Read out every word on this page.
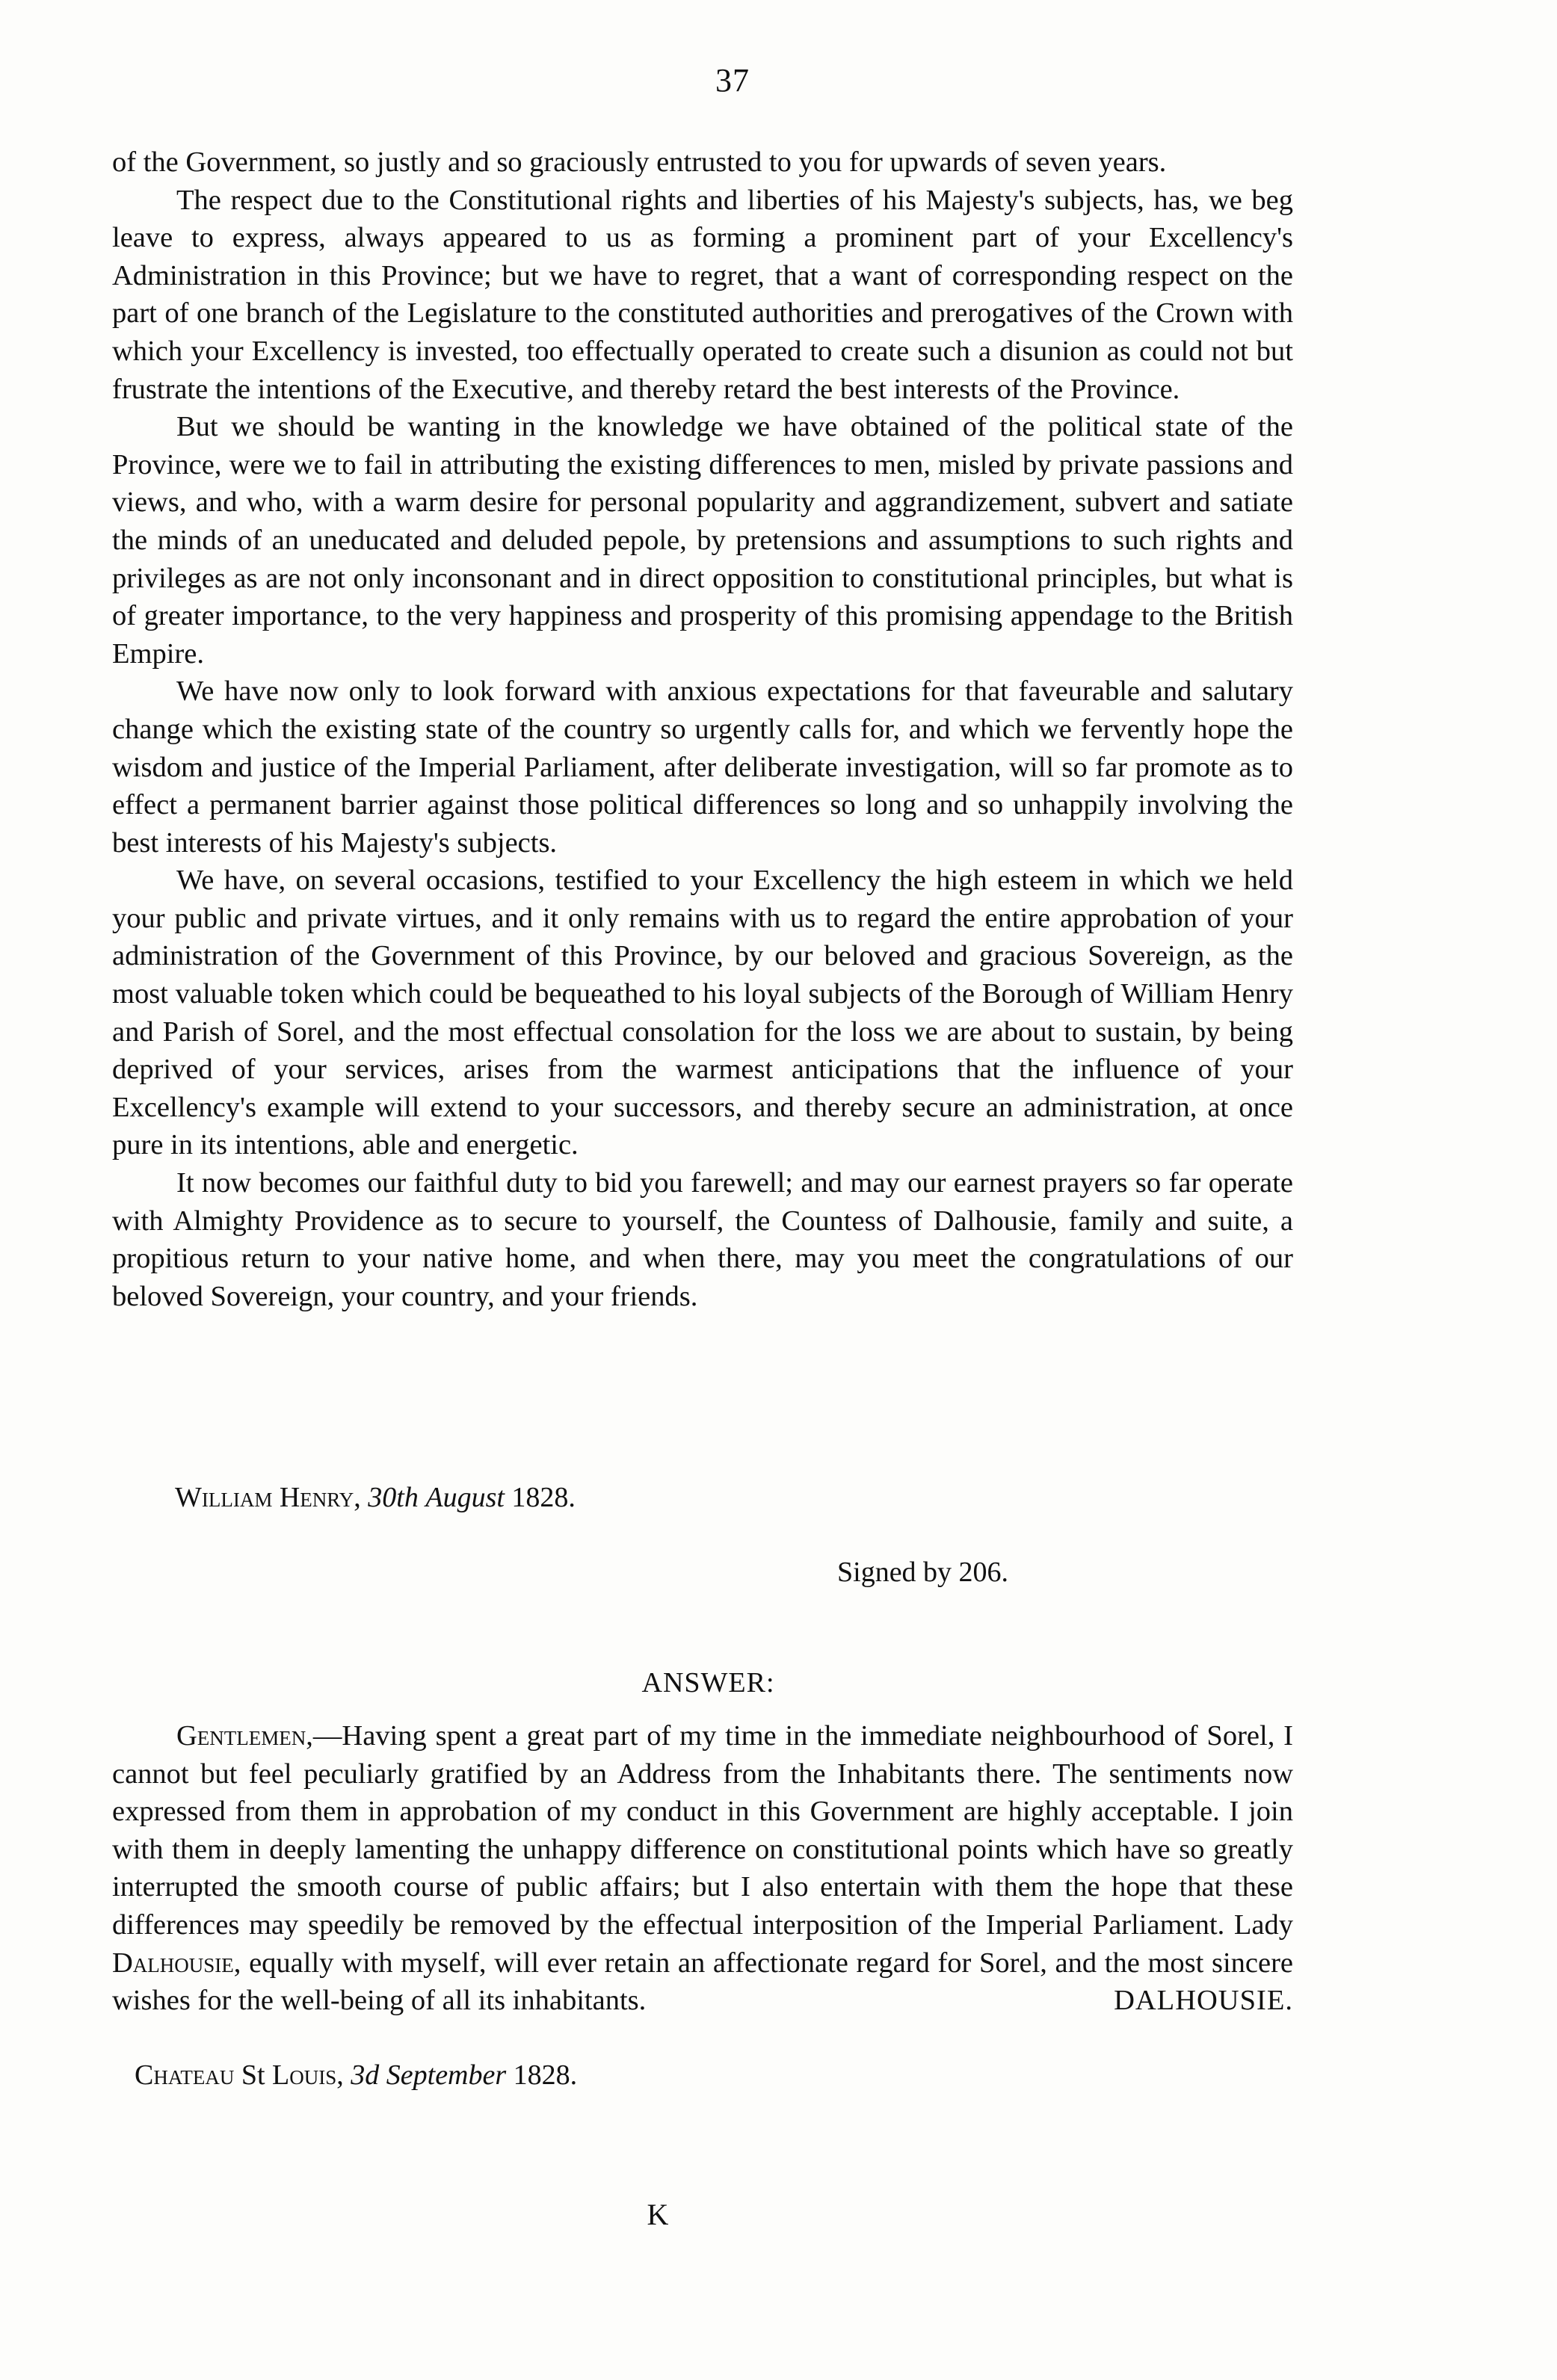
37

of the Government, so justly and so graciously entrusted to you for upwards of seven years.

The respect due to the Constitutional rights and liberties of his Majesty's subjects, has, we beg leave to express, always appeared to us as forming a prominent part of your Excellency's Administration in this Province; but we have to regret, that a want of corresponding respect on the part of one branch of the Legislature to the constituted authorities and prerogatives of the Crown with which your Excellency is invested, too effectually operated to create such a disunion as could not but frustrate the intentions of the Executive, and thereby retard the best interests of the Province.

But we should be wanting in the knowledge we have obtained of the political state of the Province, were we to fail in attributing the existing differences to men, misled by private passions and views, and who, with a warm desire for personal popularity and aggrandizement, subvert and satiate the minds of an uneducated and deluded pepole, by pretensions and assumptions to such rights and privileges as are not only inconsonant and in direct opposition to constitutional principles, but what is of greater importance, to the very happiness and prosperity of this promising appendage to the British Empire.

We have now only to look forward with anxious expectations for that faveurable and salutary change which the existing state of the country so urgently calls for, and which we fervently hope the wisdom and justice of the Imperial Parliament, after deliberate investigation, will so far promote as to effect a permanent barrier against those political differences so long and so unhappily involving the best interests of his Majesty's subjects.

We have, on several occasions, testified to your Excellency the high esteem in which we held your public and private virtues, and it only remains with us to regard the entire approbation of your administration of the Government of this Province, by our beloved and gracious Sovereign, as the most valuable token which could be bequeathed to his loyal subjects of the Borough of William Henry and Parish of Sorel, and the most effectual consolation for the loss we are about to sustain, by being deprived of your services, arises from the warmest anticipations that the influence of your Excellency's example will extend to your successors, and thereby secure an administration, at once pure in its intentions, able and energetic.

It now becomes our faithful duty to bid you farewell; and may our earnest prayers so far operate with Almighty Providence as to secure to yourself, the Countess of Dalhousie, family and suite, a propitious return to your native home, and when there, may you meet the congratulations of our beloved Sovereign, your country, and your friends.

William Henry, 30th August 1828.
Signed by 206.
ANSWER:
Gentlemen,—Having spent a great part of my time in the immediate neighbourhood of Sorel, I cannot but feel peculiarly gratified by an Address from the Inhabitants there. The sentiments now expressed from them in approbation of my conduct in this Government are highly acceptable. I join with them in deeply lamenting the unhappy difference on constitutional points which have so greatly interrupted the smooth course of public affairs; but I also entertain with them the hope that these differences may speedily be removed by the effectual interposition of the Imperial Parliament. Lady Dalhousie, equally with myself, will ever retain an affectionate regard for Sorel, and the most sincere wishes for the well-being of all its inhabitants.	DALHOUSIE.
Chateau St Louis, 3d September 1828.
K
